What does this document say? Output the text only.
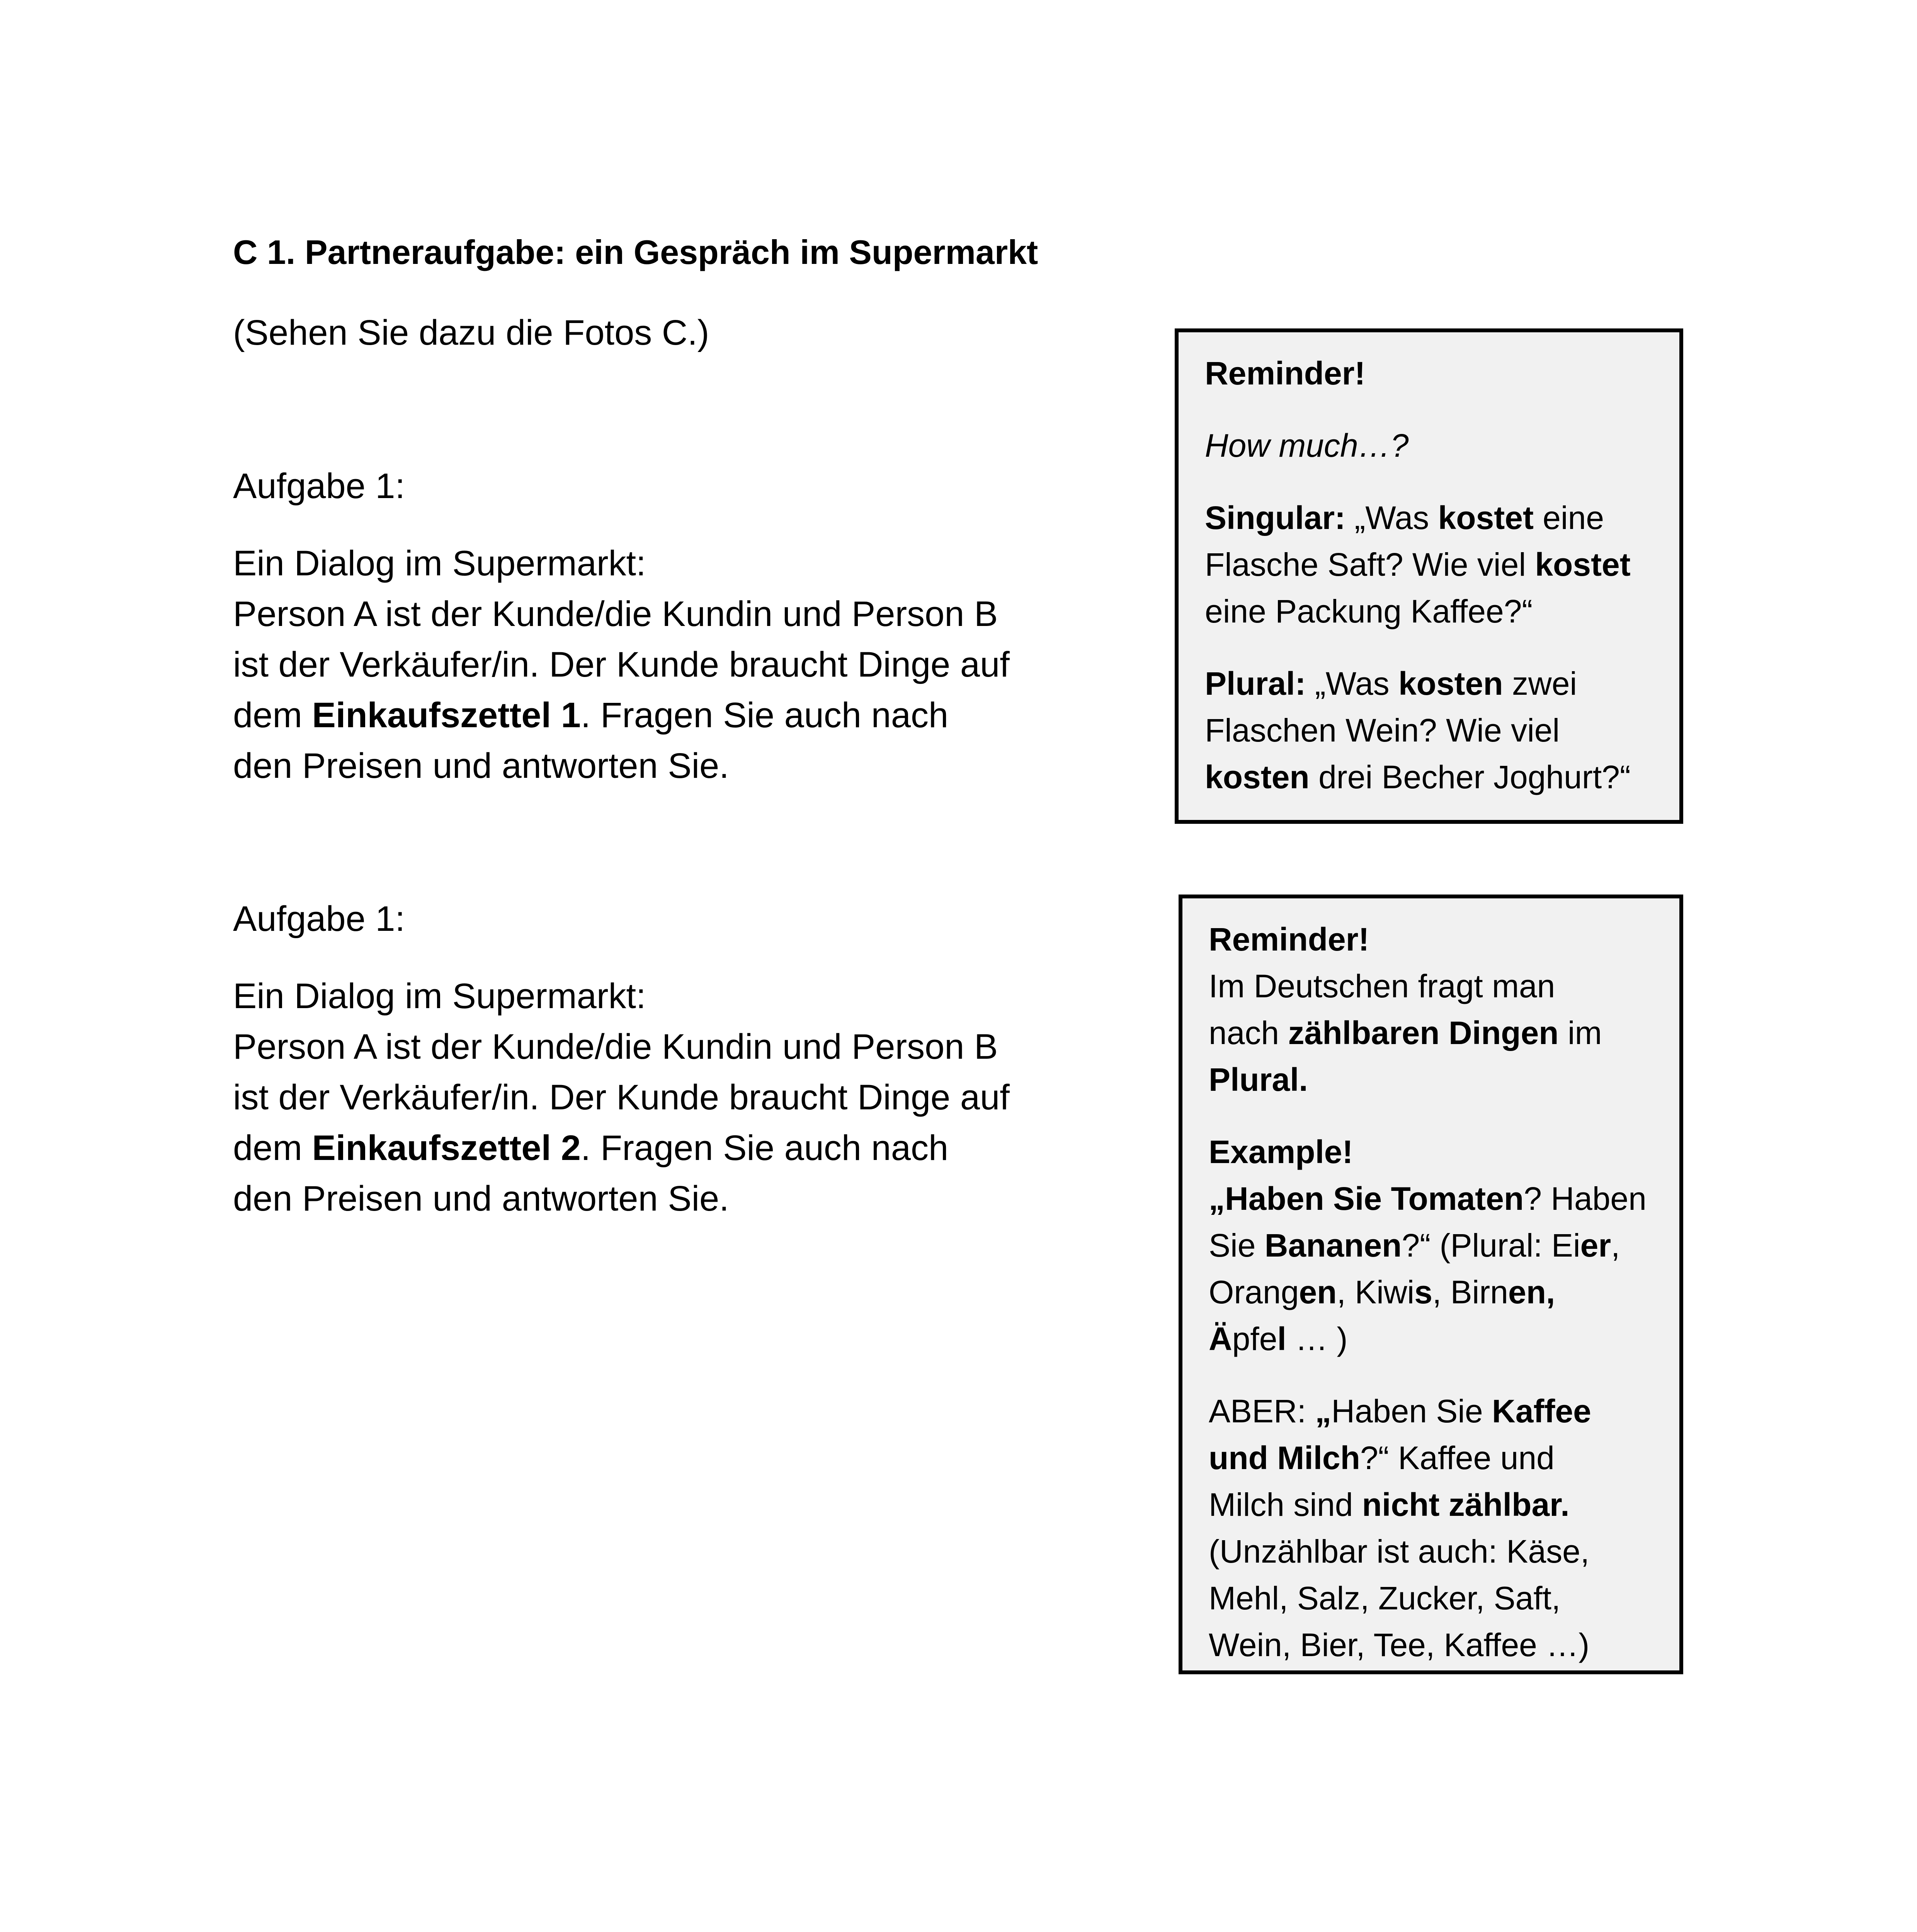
C 1. Partneraufgabe: ein Gespräch im Supermarkt
(Sehen Sie dazu die Fotos C.)
Aufgabe 1:
Ein Dialog im Supermarkt:
Person A ist der Kunde/die Kundin und Person B
ist der Verkäufer/in. Der Kunde braucht Dinge auf
dem Einkaufszettel 1. Fragen Sie auch nach
den Preisen und antworten Sie.
Aufgabe 1:
Ein Dialog im Supermarkt:
Person A ist der Kunde/die Kundin und Person B
ist der Verkäufer/in. Der Kunde braucht Dinge auf
dem Einkaufszettel 2. Fragen Sie auch nach
den Preisen und antworten Sie.
Reminder!
How much…?
Singular: „Was kostet eine
Flasche Saft? Wie viel kostet
eine Packung Kaffee?“
Plural: „Was kosten zwei
Flaschen Wein? Wie viel
kosten drei Becher Joghurt?“
Reminder!
Im Deutschen fragt man
nach zählbaren Dingen im
Plural.
Example!
„Haben Sie Tomaten? Haben
Sie Bananen?“ (Plural: Eier,
Orangen, Kiwis, Birnen,
Äpfel … )
ABER: „Haben Sie Kaffee
und Milch?“ Kaffee und
Milch sind nicht zählbar.
(Unzählbar ist auch: Käse,
Mehl, Salz, Zucker, Saft,
Wein, Bier, Tee, Kaffee …)
